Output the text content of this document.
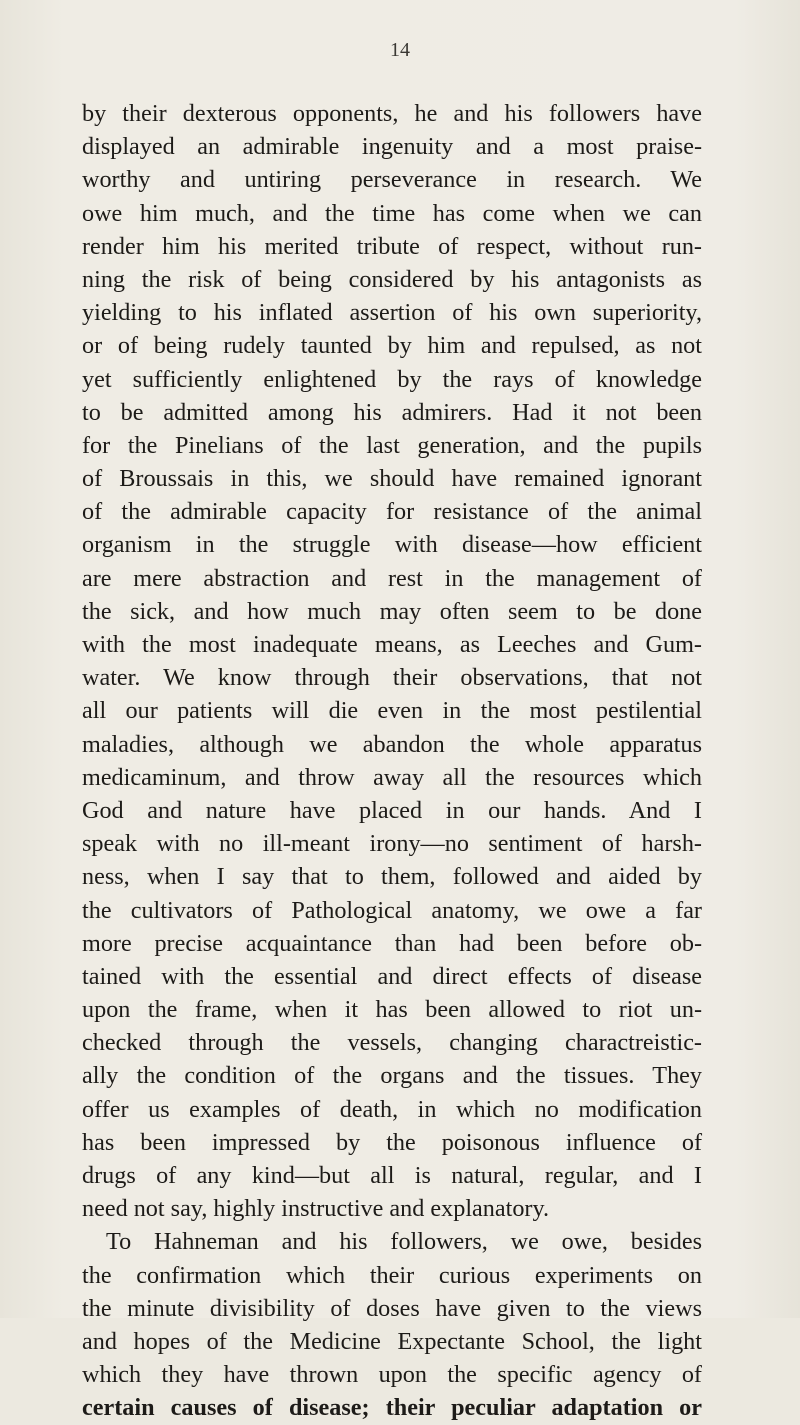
14
by their dexterous opponents, he and his followers have
displayed an admirable ingenuity and a most praise-
worthy and untiring perseverance in research. We
owe him much, and the time has come when we can
render him his merited tribute of respect, without run-
ning the risk of being considered by his antagonists as
yielding to his inflated assertion of his own superiority,
or of being rudely taunted by him and repulsed, as not
yet sufficiently enlightened by the rays of knowledge
to be admitted among his admirers. Had it not been
for the Pinelians of the last generation, and the pupils
of Broussais in this, we should have remained ignorant
of the admirable capacity for resistance of the animal
organism in the struggle with disease—how efficient
are mere abstraction and rest in the management of
the sick, and how much may often seem to be done
with the most inadequate means, as Leeches and Gum-
water. We know through their observations, that not
all our patients will die even in the most pestilential
maladies, although we abandon the whole apparatus
medicaminum, and throw away all the resources which
God and nature have placed in our hands. And I
speak with no ill-meant irony—no sentiment of harsh-
ness, when I say that to them, followed and aided by
the cultivators of Pathological anatomy, we owe a far
more precise acquaintance than had been before ob-
tained with the essential and direct effects of disease
upon the frame, when it has been allowed to riot un-
checked through the vessels, changing charactreistic-
ally the condition of the organs and the tissues. They
offer us examples of death, in which no modification
has been impressed by the poisonous influence of
drugs of any kind—but all is natural, regular, and I
need not say, highly instructive and explanatory.
To Hahneman and his followers, we owe, besides
the confirmation which their curious experiments on
the minute divisibility of doses have given to the views
and hopes of the Medicine Expectante School, the light
which they have thrown upon the specific agency of
certain causes of disease; their peculiar adaptation or
